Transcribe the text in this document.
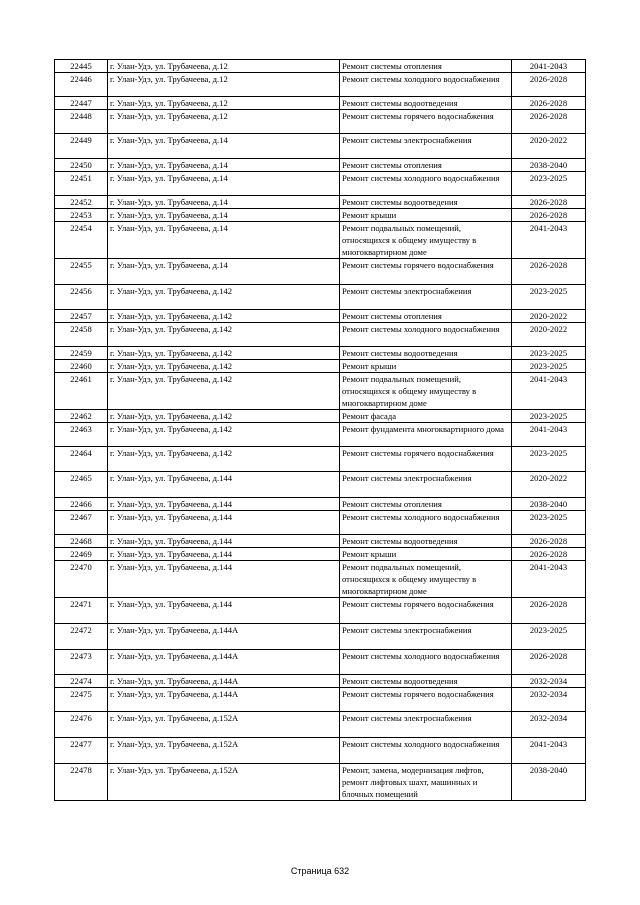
22445	г. Улан-Удэ, ул. Трубачеева, д.12	Ремонт системы отопления	2041-2043
22446	г. Улан-Удэ, ул. Трубачеева, д.12	Ремонт системы холодного водоснабжения	2026-2028
22447	г. Улан-Удэ, ул. Трубачеева, д.12	Ремонт системы водоотведения	2026-2028
22448	г. Улан-Удэ, ул. Трубачеева, д.12	Ремонт системы горячего водоснабжения	2026-2028
22449	г. Улан-Удэ, ул. Трубачеева, д.14	Ремонт системы электроснабжения	2020-2022
22450	г. Улан-Удэ, ул. Трубачеева, д.14	Ремонт системы отопления	2038-2040
22451	г. Улан-Удэ, ул. Трубачеева, д.14	Ремонт системы холодного водоснабжения	2023-2025
22452	г. Улан-Удэ, ул. Трубачеева, д.14	Ремонт системы водоотведения	2026-2028
22453	г. Улан-Удэ, ул. Трубачеева, д.14	Ремонт крыши	2026-2028
22454	г. Улан-Удэ, ул. Трубачеева, д.14	Ремонт подвальных помещений, относящихся к общему имуществу в многоквартирном доме	2041-2043
22455	г. Улан-Удэ, ул. Трубачеева, д.14	Ремонт системы горячего водоснабжения	2026-2028
22456	г. Улан-Удэ, ул. Трубачеева, д.142	Ремонт системы электроснабжения	2023-2025
22457	г. Улан-Удэ, ул. Трубачеева, д.142	Ремонт системы отопления	2020-2022
22458	г. Улан-Удэ, ул. Трубачеева, д.142	Ремонт системы холодного водоснабжения	2020-2022
22459	г. Улан-Удэ, ул. Трубачеева, д.142	Ремонт системы водоотведения	2023-2025
22460	г. Улан-Удэ, ул. Трубачеева, д.142	Ремонт крыши	2023-2025
22461	г. Улан-Удэ, ул. Трубачеева, д.142	Ремонт подвальных помещений, относящихся к общему имуществу в многоквартирном доме	2041-2043
22462	г. Улан-Удэ, ул. Трубачеева, д.142	Ремонт фасада	2023-2025
22463	г. Улан-Удэ, ул. Трубачеева, д.142	Ремонт фундамента многоквартирного дома	2041-2043
22464	г. Улан-Удэ, ул. Трубачеева, д.142	Ремонт системы горячего водоснабжения	2023-2025
22465	г. Улан-Удэ, ул. Трубачеева, д.144	Ремонт системы электроснабжения	2020-2022
22466	г. Улан-Удэ, ул. Трубачеева, д.144	Ремонт системы отопления	2038-2040
22467	г. Улан-Удэ, ул. Трубачеева, д.144	Ремонт системы холодного водоснабжения	2023-2025
22468	г. Улан-Удэ, ул. Трубачеева, д.144	Ремонт системы водоотведения	2026-2028
22469	г. Улан-Удэ, ул. Трубачеева, д.144	Ремонт крыши	2026-2028
22470	г. Улан-Удэ, ул. Трубачеева, д.144	Ремонт подвальных помещений, относящихся к общему имуществу в многоквартирном доме	2041-2043
22471	г. Улан-Удэ, ул. Трубачеева, д.144	Ремонт системы горячего водоснабжения	2026-2028
22472	г. Улан-Удэ, ул. Трубачеева, д.144А	Ремонт системы электроснабжения	2023-2025
22473	г. Улан-Удэ, ул. Трубачеева, д.144А	Ремонт системы холодного водоснабжения	2026-2028
22474	г. Улан-Удэ, ул. Трубачеева, д.144А	Ремонт системы водоотведения	2032-2034
22475	г. Улан-Удэ, ул. Трубачеева, д.144А	Ремонт системы горячего водоснабжения	2032-2034
22476	г. Улан-Удэ, ул. Трубачеева, д.152А	Ремонт системы электроснабжения	2032-2034
22477	г. Улан-Удэ, ул. Трубачеева, д.152А	Ремонт системы холодного водоснабжения	2041-2043
22478	г. Улан-Удэ, ул. Трубачеева, д.152А	Ремонт, замена, модернизация лифтов, ремонт лифтовых шахт, машинных и блочных помещений	2038-2040
Страница 632
